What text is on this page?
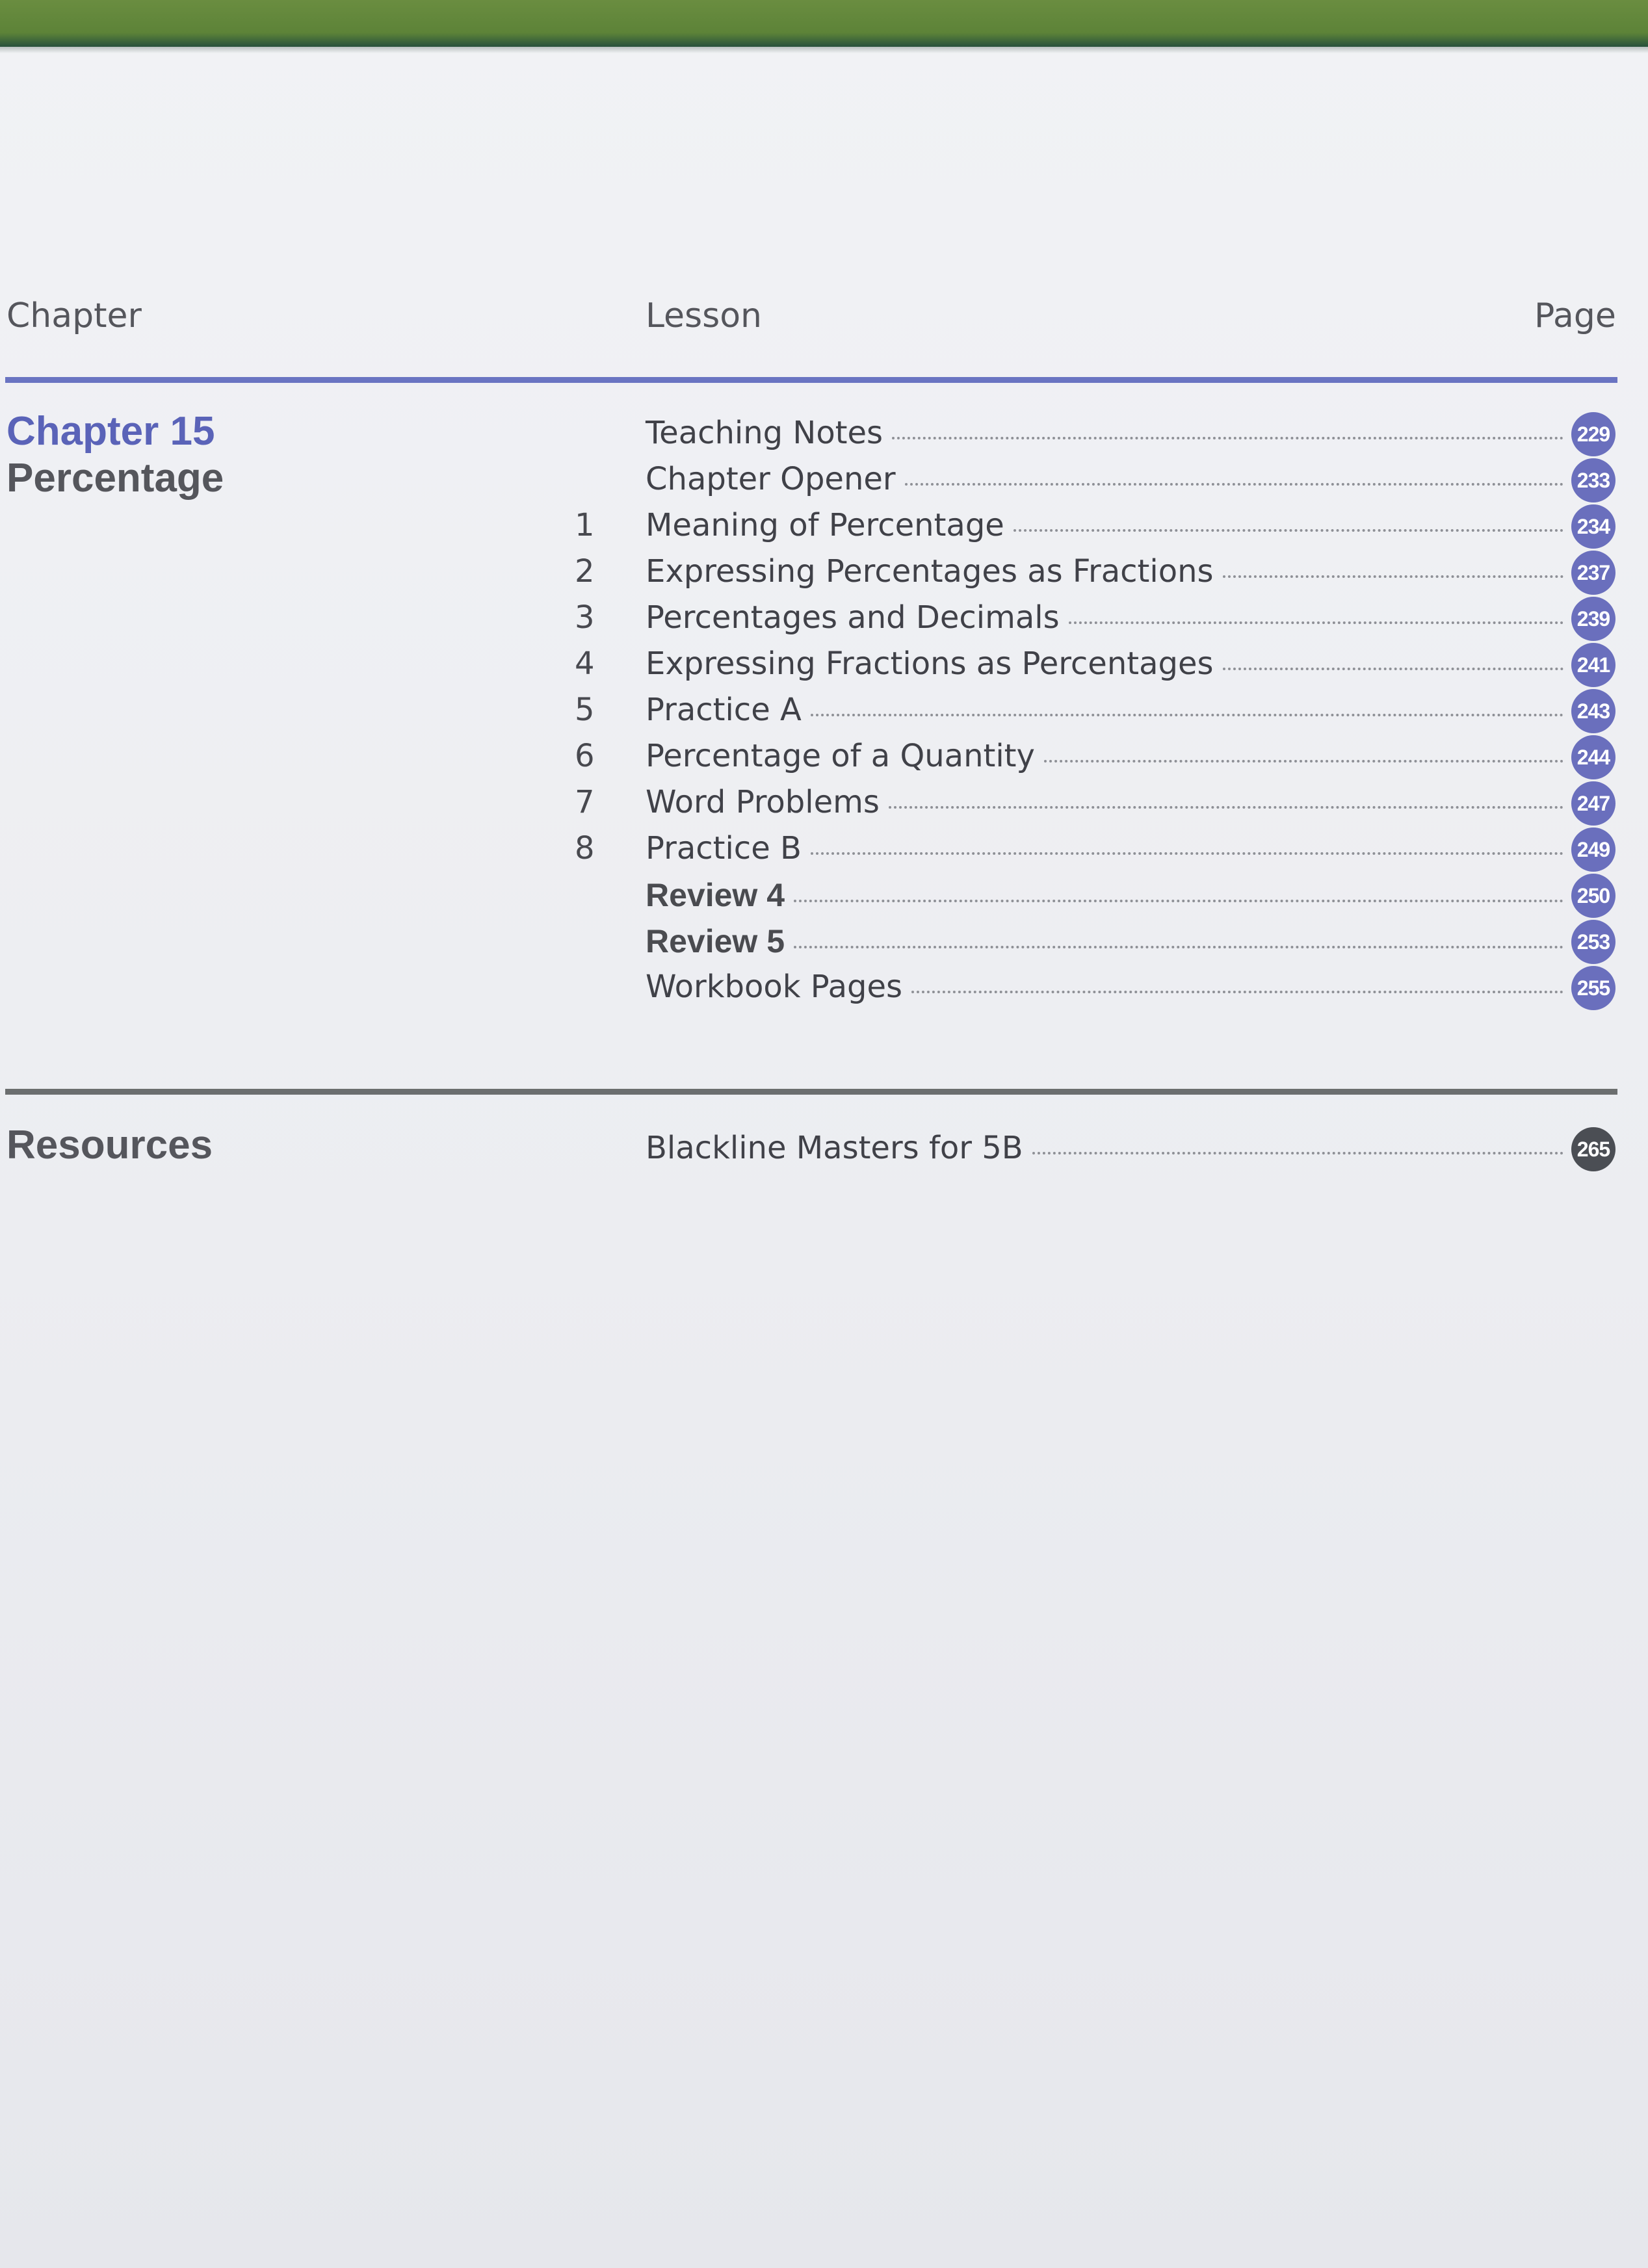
Chapter	Lesson	Page
Chapter 15
Percentage
Teaching Notes	229
Chapter Opener	233
1 Meaning of Percentage	234
2 Expressing Percentages as Fractions	237
3 Percentages and Decimals	239
4 Expressing Fractions as Percentages	241
5 Practice A	243
6 Percentage of a Quantity	244
7 Word Problems	247
8 Practice B	249
Review 4	250
Review 5	253
Workbook Pages	255
Resources	Blackline Masters for 5B	265
